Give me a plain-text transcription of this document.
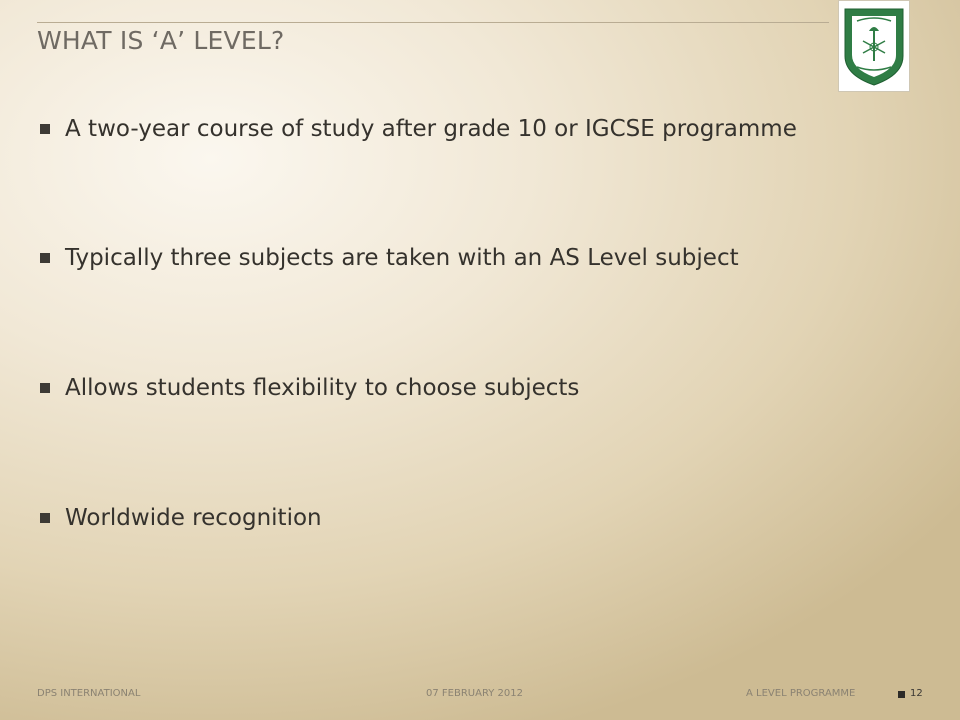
WHAT IS ‘A’ LEVEL?
A two-year course of study after grade 10 or IGCSE programme
Typically three subjects are taken with an AS Level subject
Allows students flexibility to choose subjects
Worldwide recognition
DPS INTERNATIONAL	07 FEBRUARY 2012	A LEVEL PROGRAMME	12
